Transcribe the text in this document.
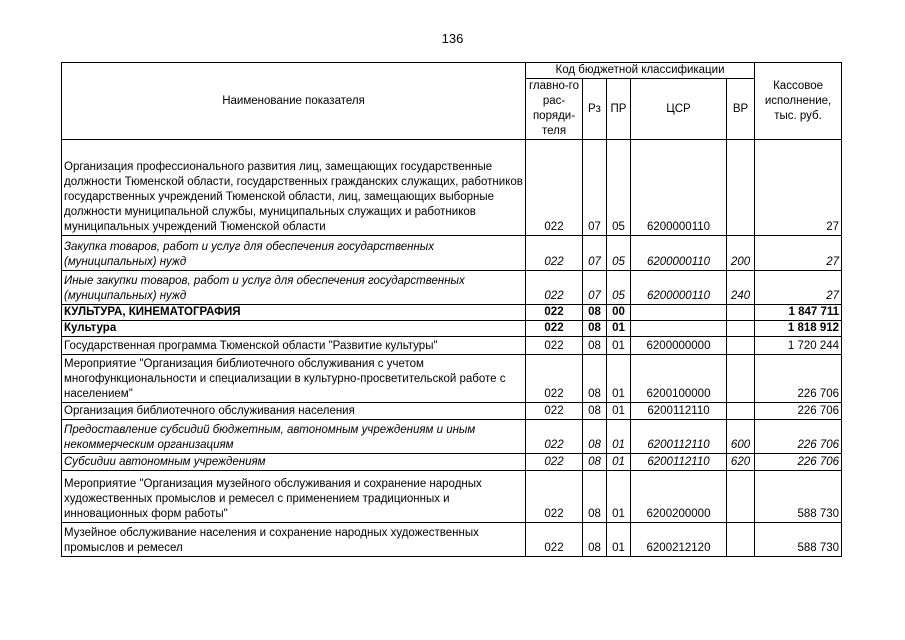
136
Наименование показателя	Код бюджетной классификации					Кассовое исполнение, тыс. руб.
	главно-го рас-поряди-теля	Рз	ПР	ЦСР	ВР	
Организация профессионального развития лиц, замещающих государственные должности Тюменской области, государственных гражданских служащих, работников государственных учреждений Тюменской области, лиц, замещающих выборные должности муниципальной службы, муниципальных служащих и работников муниципальных учреждений Тюменской области	022	07	05	6200000110		27
Закупка товаров, работ и услуг для обеспечения государственных (муниципальных) нужд	022	07	05	6200000110	200	27
Иные закупки товаров, работ и услуг для обеспечения государственных (муниципальных) нужд	022	07	05	6200000110	240	27
КУЛЬТУРА, КИНЕМАТОГРАФИЯ	022	08	00			1 847 711
Культура	022	08	01			1 818 912
Государственная программа Тюменской области "Развитие культуры"	022	08	01	6200000000		1 720 244
Мероприятие "Организация библиотечного обслуживания с учетом многофункциональности и специализации в культурно-просветительской работе с населением"	022	08	01	6200100000		226 706
Организация библиотечного обслуживания населения	022	08	01	6200112110		226 706
Предоставление субсидий бюджетным, автономным учреждениям и иным некоммерческим организациям	022	08	01	6200112110	600	226 706
Субсидии автономным учреждениям	022	08	01	6200112110	620	226 706
Мероприятие "Организация музейного обслуживания и сохранение народных художественных промыслов и ремесел с применением традиционных и инновационных форм работы"	022	08	01	6200200000		588 730
Музейное обслуживание населения и сохранение народных художественных промыслов и ремесел	022	08	01	6200212120		588 730
